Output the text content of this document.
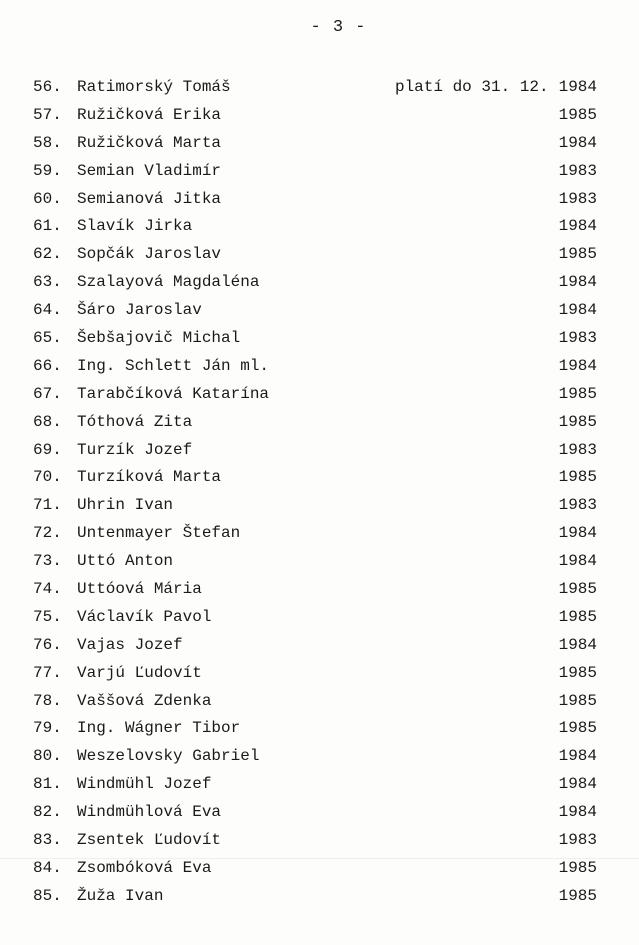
- 3 -
56. Ratimorský Tomáš	platí do 31. 12. 1984
57. Ružičková Erika	1985
58. Ružičková Marta	1984
59. Semian Vladimír	1983
60. Semianová Jitka	1983
61. Slavík Jirka	1984
62. Sopčák Jaroslav	1985
63. Szalayová Magdaléna	1984
64. Šáro Jaroslav	1984
65. Šebšajovič Michal	1983
66. Ing. Schlett Ján ml.	1984
67. Tarabčíková Katarína	1985
68. Tóthová Zita	1985
69. Turzík Jozef	1983
70. Turzíková Marta	1985
71. Uhrin Ivan	1983
72. Untenmayer Štefan	1984
73. Uttó Anton	1984
74. Uttóová Mária	1985
75. Václavík Pavol	1985
76. Vajas Jozef	1984
77. Varjú Ľudovít	1985
78. Vaššová Zdenka	1985
79. Ing. Wágner Tibor	1985
80. Weszelovsky Gabriel	1984
81. Windmühl Jozef	1984
82. Windmühlová Eva	1984
83. Zsentek Ľudovít	1983
84. Zsombóková Eva	1985
85. Žuža Ivan	1985
